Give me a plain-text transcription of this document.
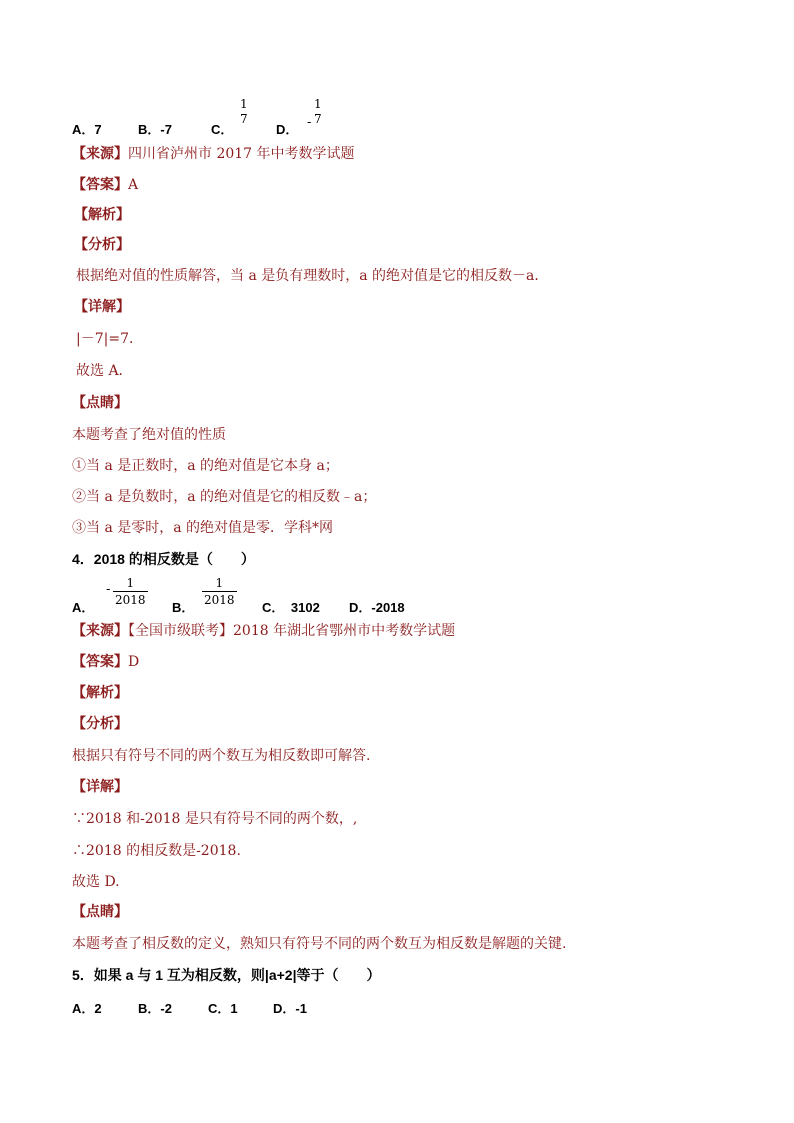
A．7	B．-7	C．
1
7
D． -
1
7
【来源】四川省泸州市 2017 年中考数学试题
【答案】A
【解析】
【分析】
根据绝对值的性质解答，当 a 是负有理数时，a 的绝对值是它的相反数－a．
【详解】
|－7|=7．
故选 A．
【点睛】
本题考查了绝对值的性质
①当 a 是正数时，a 的绝对值是它本身 a；
②当 a 是负数时，a 的绝对值是它的相反数﹣a；
③当 a 是零时，a 的绝对值是零．学科*网
4．2018 的相反数是（　　）
A．
-	1
2018 B．
1
2018 C．　3102 D．-2018
【来源】【全国市级联考】2018 年湖北省鄂州市中考数学试题
【答案】D
【解析】
【分析】
根据只有符号不同的两个数互为相反数即可解答.
【详解】
∵2018 和-2018 是只有符号不同的两个数，,
∴2018 的相反数是-2018.
故选 D.
【点睛】
本题考查了相反数的定义，熟知只有符号不同的两个数互为相反数是解题的关键.
5．如果 a 与 1 互为相反数，则|a+2|等于（　　）
A．2	B．-2	C．1	D．-1
